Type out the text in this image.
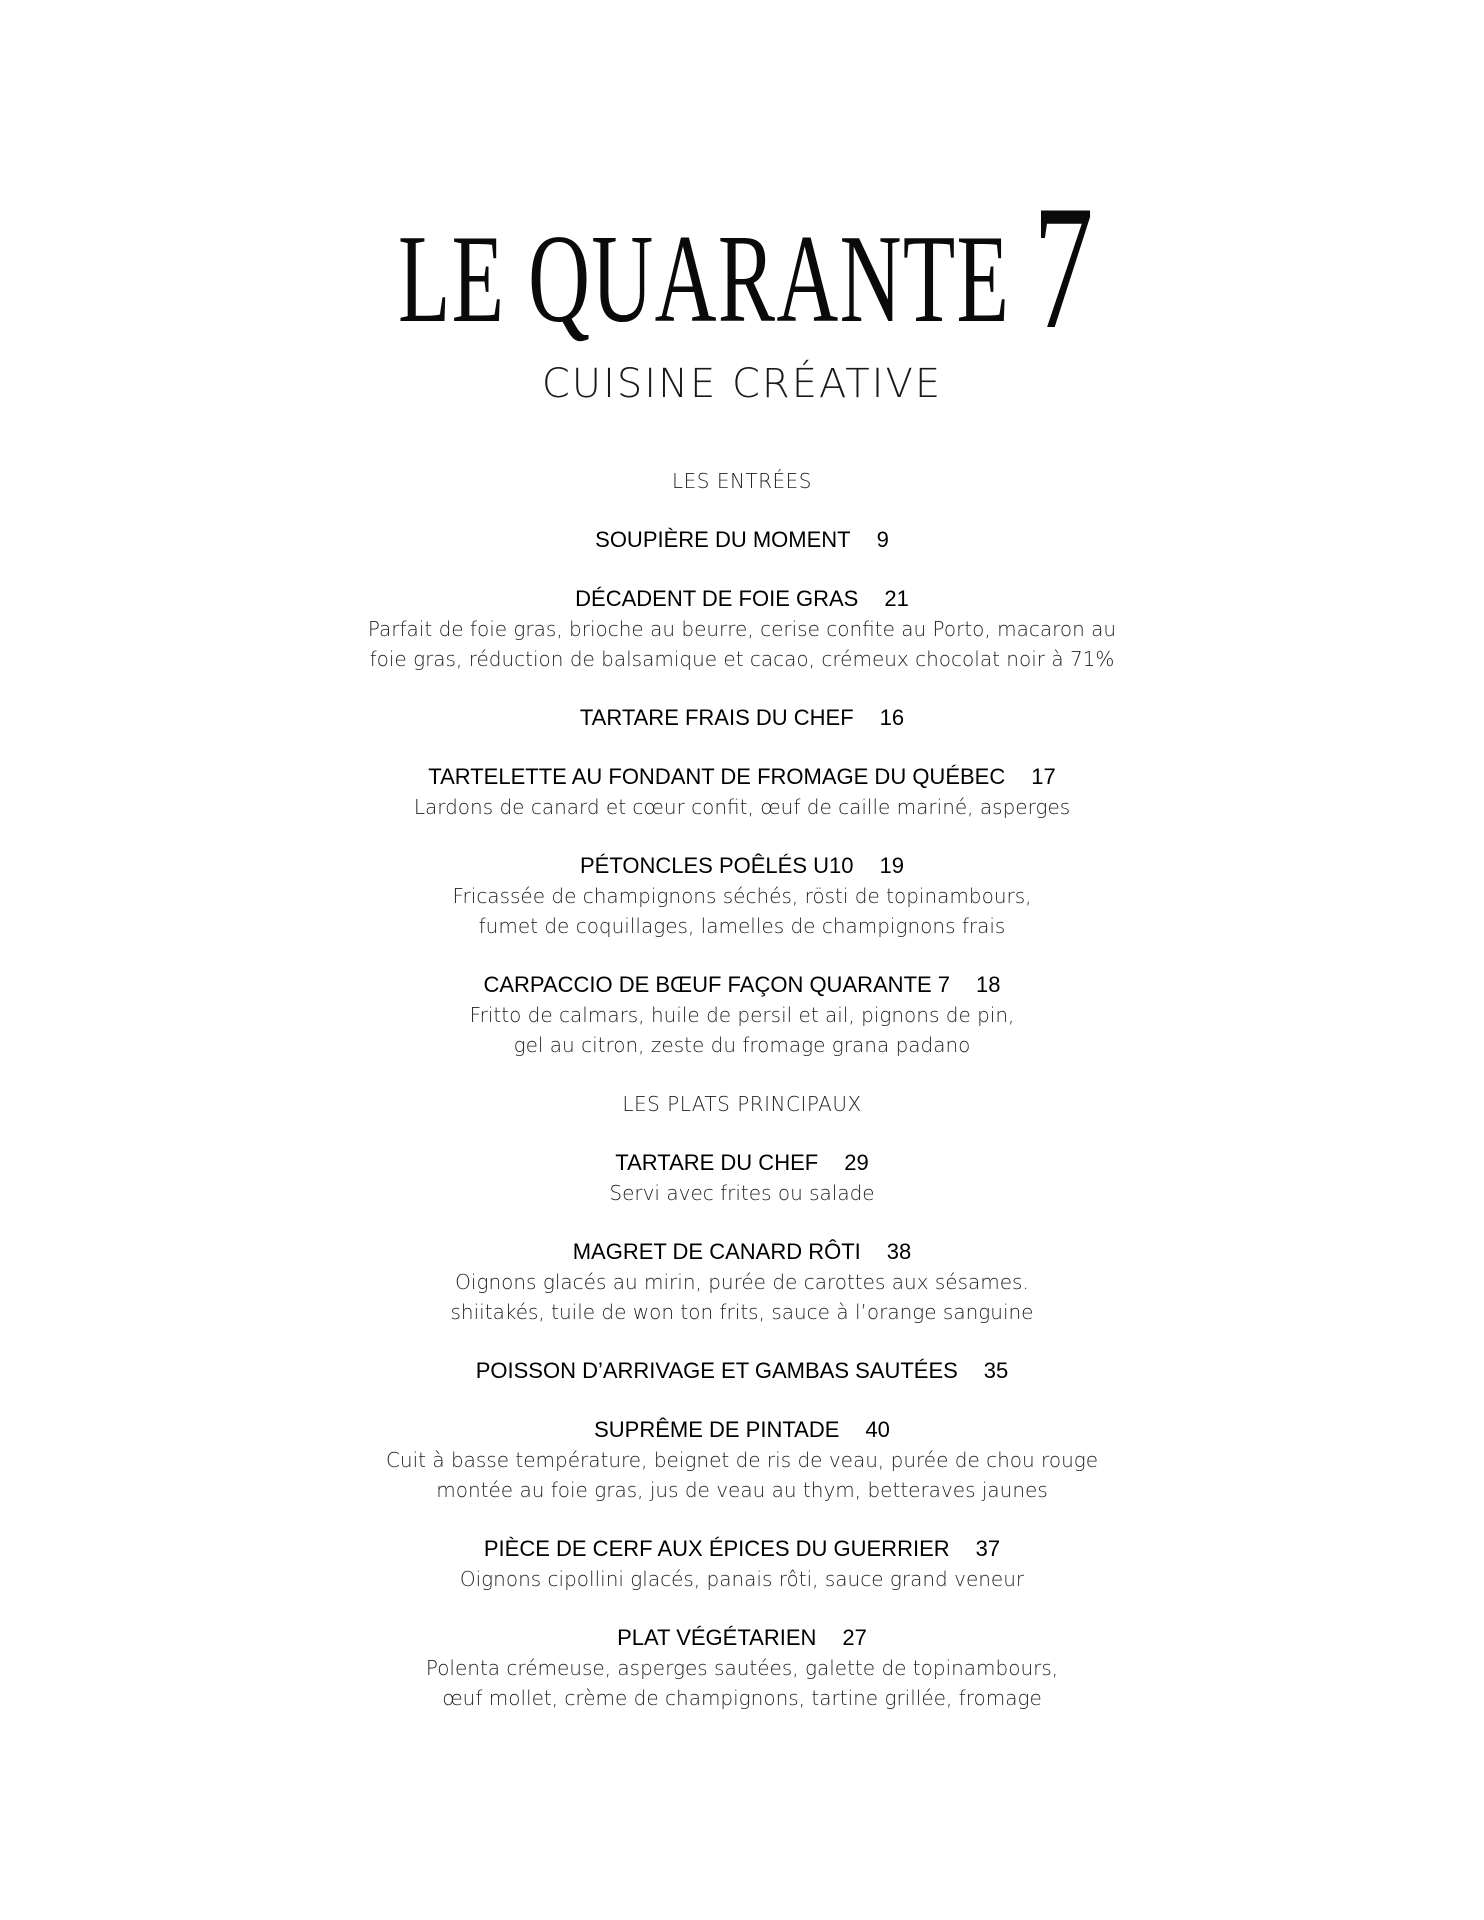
LE QUARANTE 7
CUISINE CRÉATIVE
LES ENTRÉES
SOUPIÈRE DU MOMENT 9
DÉCADENT DE FOIE GRAS 21
Parfait de foie gras, brioche au beurre, cerise confite au Porto, macaron au
foie gras, réduction de balsamique et cacao, crémeux chocolat noir à 71%
TARTARE FRAIS DU CHEF 16
TARTELETTE AU FONDANT DE FROMAGE DU QUÉBEC 17
Lardons de canard et cœur confit, œuf de caille mariné, asperges
PÉTONCLES POÊLÉS U10 19
Fricassée de champignons séchés, rösti de topinambours,
fumet de coquillages, lamelles de champignons frais
CARPACCIO DE BŒUF FAÇON QUARANTE 7 18
Fritto de calmars, huile de persil et ail, pignons de pin,
gel au citron, zeste du fromage grana padano
LES PLATS PRINCIPAUX
TARTARE DU CHEF 29
Servi avec frites ou salade
MAGRET DE CANARD RÔTI 38
Oignons glacés au mirin, purée de carottes aux sésames.
shiitakés, tuile de won ton frits, sauce à l’orange sanguine
POISSON D’ARRIVAGE ET GAMBAS SAUTÉES 35
SUPRÊME DE PINTADE 40
Cuit à basse température, beignet de ris de veau, purée de chou rouge
montée au foie gras, jus de veau au thym, betteraves jaunes
PIÈCE DE CERF AUX ÉPICES DU GUERRIER 37
Oignons cipollini glacés, panais rôti, sauce grand veneur
PLAT VÉGÉTARIEN 27
Polenta crémeuse, asperges sautées, galette de topinambours,
œuf mollet, crème de champignons, tartine grillée, fromage
